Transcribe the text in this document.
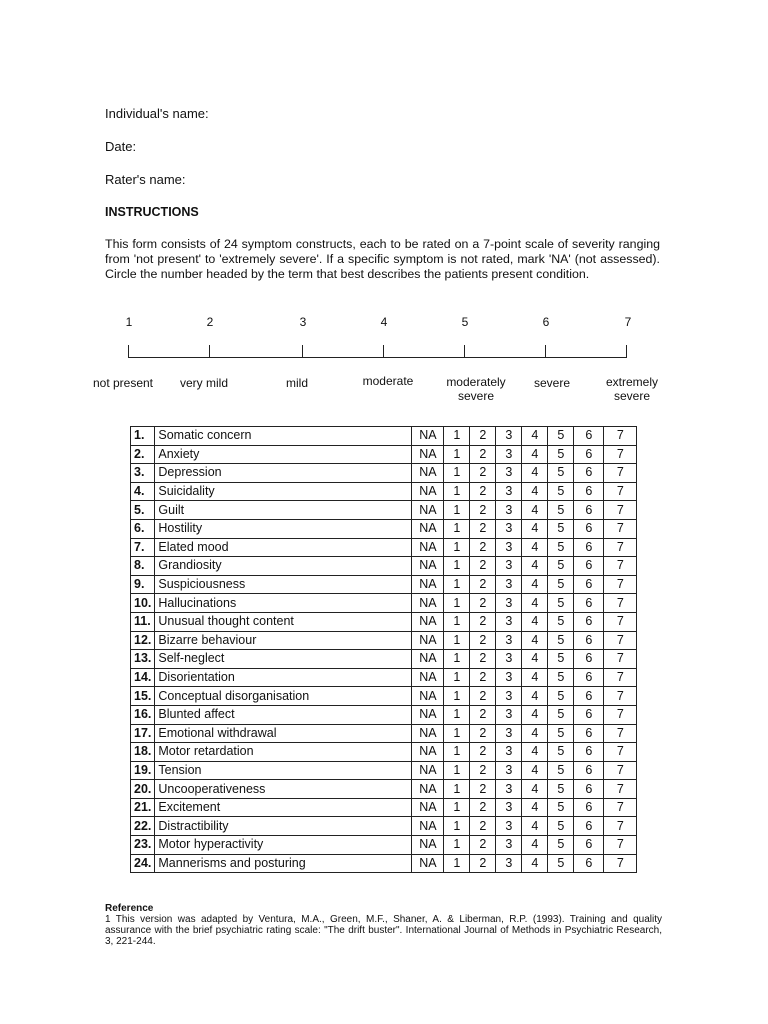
Individual's name:
Date:
Rater's name:
INSTRUCTIONS

This form consists of 24 symptom constructs, each to be rated on a 7-point scale of severity ranging from 'not present' to 'extremely severe'. If a specific symptom is not rated, mark 'NA' (not assessed). Circle the number headed by the term that best describes the patients present condition.

1	2	3	4	5	6	7
not present	very mild	mild	moderate	moderately severe
severe	extremely severe
1.	Somatic concern	NA	1	2	3	4	5	6	7
2.	Anxiety	NA	1	2	3	4	5	6	7
3.	Depression	NA	1	2	3	4	5	6	7
4.	Suicidality	NA	1	2	3	4	5	6	7
5.	Guilt	NA	1	2	3	4	5	6	7
6.	Hostility	NA	1	2	3	4	5	6	7
7.	Elated mood	NA	1	2	3	4	5	6	7
8.	Grandiosity	NA	1	2	3	4	5	6	7
9.	Suspiciousness	NA	1	2	3	4	5	6	7
10.	Hallucinations	NA	1	2	3	4	5	6	7
11.	Unusual thought content	NA	1	2	3	4	5	6	7
12.	Bizarre behaviour	NA	1	2	3	4	5	6	7
13.	Self-neglect	NA	1	2	3	4	5	6	7
14.	Disorientation	NA	1	2	3	4	5	6	7
15.	Conceptual disorganisation	NA	1	2	3	4	5	6	7
16.	Blunted affect	NA	1	2	3	4	5	6	7
17.	Emotional withdrawal	NA	1	2	3	4	5	6	7
18.	Motor retardation	NA	1	2	3	4	5	6	7
19.	Tension	NA	1	2	3	4	5	6	7
20.	Uncooperativeness	NA	1	2	3	4	5	6	7
21.	Excitement	NA	1	2	3	4	5	6	7
22.	Distractibility	NA	1	2	3	4	5	6	7
23.	Motor hyperactivity	NA	1	2	3	4	5	6	7
24.	Mannerisms and posturing	NA	1	2	3	4	5	6	7
Reference

1 This version was adapted by Ventura, M.A., Green, M.F., Shaner, A. & Liberman, R.P. (1993). Training and quality assurance with the brief psychiatric rating scale: "The drift buster". International Journal of Methods in Psychiatric Research, 3, 221-244.
